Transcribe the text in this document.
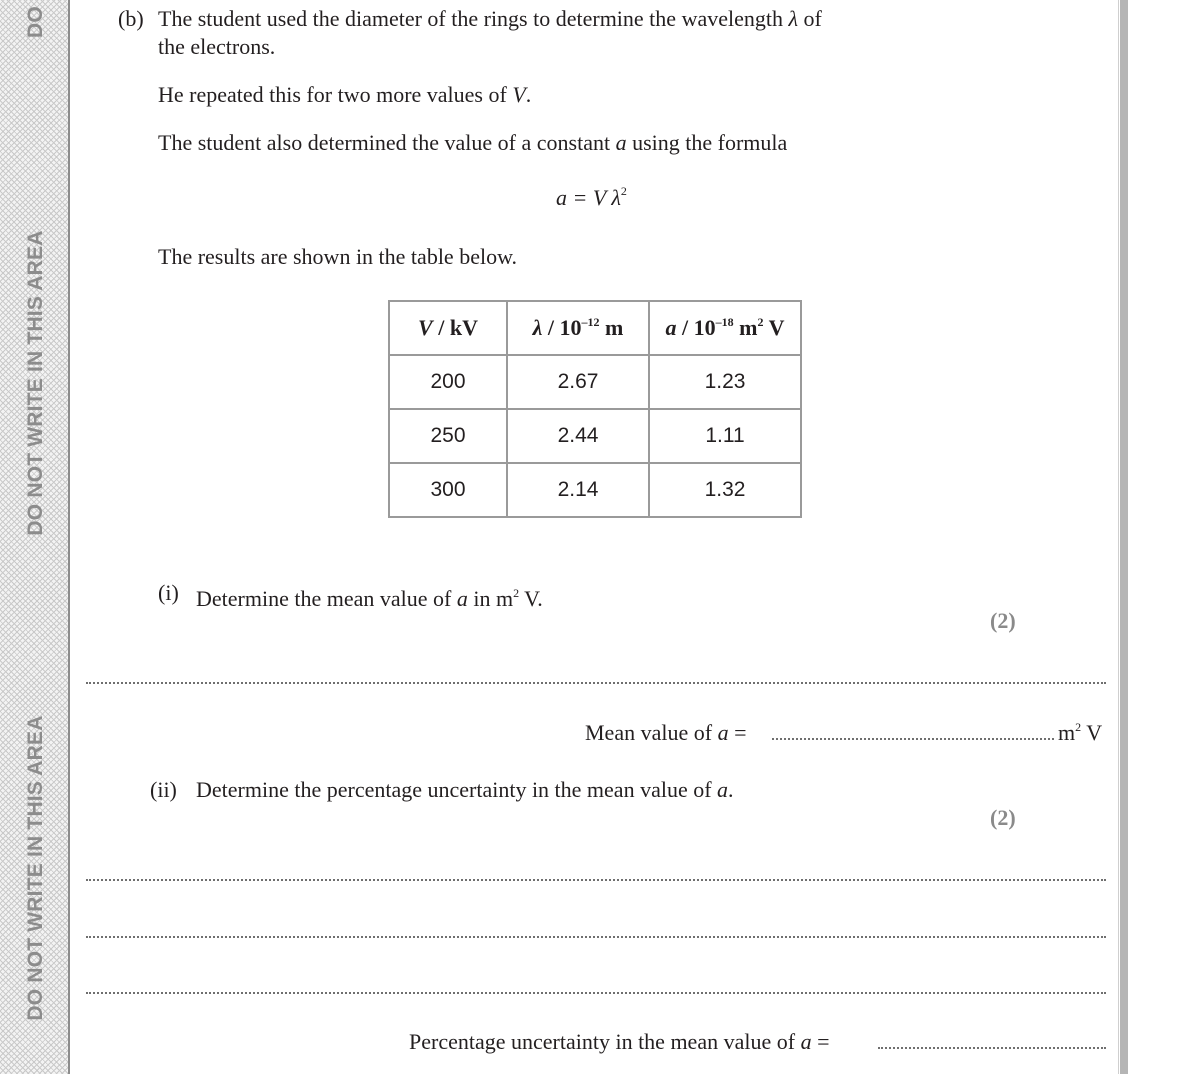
DO
DO NOT WRITE IN THIS AREA
DO NOT WRITE IN THIS AREA
(b) The student used the diameter of the rings to determine the wavelength λ of
the electrons.
He repeated this for two more values of V.
The student also determined the value of a constant a using the formula
a = V $\lambda^2$
The results are shown in the table below.
V / kV	λ / $10^{-12}$ m	a / $10^{-18}$ $m^2$ V
200	2.67	1.23
250	2.44	1.11
300	2.14	1.32
(i) Determine the mean value of a in $m^2$ V.
(2)
Mean value of a =	$m^2$ V
(ii) Determine the percentage uncertainty in the mean value of a.
(2)
Percentage uncertainty in the mean value of a =
